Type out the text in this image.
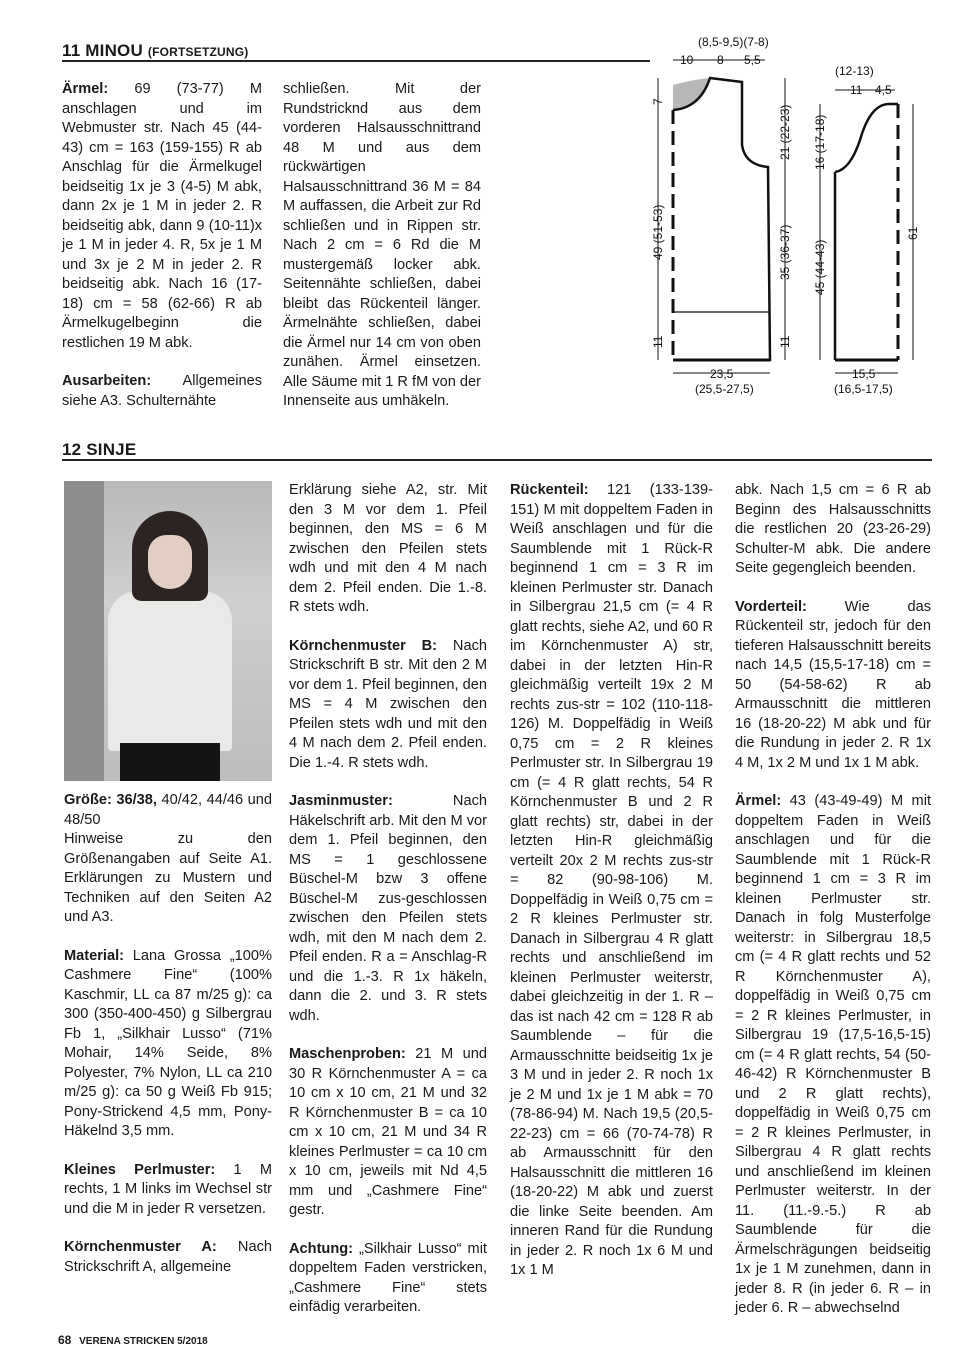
11 MINOU (FORTSETZUNG)

Ärmel: 69 (73-77) M anschlagen und im Webmuster str. Nach 45 (44-43) cm = 163 (159-155) R ab Anschlag für die Ärmelkugel beidseitig 1x je 3 (4-5) M abk, dann 2x je 1 M in jeder 2. R beidseitig abk, dann 9 (10-11)x je 1 M in jeder 4. R, 5x je 1 M und 3x je 2 M in jeder 2. R beidseitig abk. Nach 16 (17-18) cm = 58 (62-66) R ab Ärmelkugelbeginn die restlichen 19 M abk.

Ausarbeiten: Allgemeines siehe A3. Schulternähte

schließen. Mit der Rundstricknd aus dem vorderen Halsausschnittrand 48 M und aus dem rückwärtigen Halsausschnittrand 36 M = 84 M auffassen, die Arbeit zur Rd schließen und in Rippen str. Nach 2 cm = 6 Rd die M mustergemäß locker abk. Seitennähte schließen, dabei bleibt das Rückenteil länger. Ärmelnähte schließen, dabei die Ärmel nur 14 cm von oben zunähen. Ärmel einsetzen. Alle Säume mit 1 R fM von der Innenseite aus umhäkeln.

(8,5-9,5)(7-8)
10 8 5,5
7
49 (51-53)
11
21 (22-23)
35 (36-37)
11
23,5
(25,5-27,5)
(12-13)
11 4,5
16 (17-18)
45 (44-43)
61
15,5
(16,5-17,5)
12 SINJE

Größe: 36/38, 40/42, 44/46 und 48/50

Hinweise zu den Größenangaben auf Seite A1. Erklärungen zu Mustern und Techniken auf den Seiten A2 und A3.

Material: Lana Grossa „100% Cashmere Fine“ (100% Kaschmir, LL ca 87 m/25 g): ca 300 (350-400-450) g Silbergrau Fb 1, „Silkhair Lusso“ (71% Mohair, 14% Seide, 8% Polyester, 7% Nylon, LL ca 210 m/25 g): ca 50 g Weiß Fb 915; Pony-Strickend 4,5 mm, Pony-Häkelnd 3,5 mm.

Kleines Perlmuster: 1 M rechts, 1 M links im Wechsel str und die M in jeder R versetzen.

Körnchenmuster A: Nach Strickschrift A, allgemeine

Erklärung siehe A2, str. Mit den 3 M vor dem 1. Pfeil beginnen, den MS = 6 M zwischen den Pfeilen stets wdh und mit den 4 M nach dem 2. Pfeil enden. Die 1.-8. R stets wdh.

Körnchenmuster B: Nach Strickschrift B str. Mit den 2 M vor dem 1. Pfeil beginnen, den MS = 4 M zwischen den Pfeilen stets wdh und mit den 4 M nach dem 2. Pfeil enden. Die 1.-4. R stets wdh.

Jasminmuster: Nach Häkelschrift arb. Mit den M vor dem 1. Pfeil beginnen, den MS = 1 geschlossene Büschel-M bzw 3 offene Büschel-M zus-geschlossen zwischen den Pfeilen stets wdh, mit den M nach dem 2. Pfeil enden. R a = Anschlag-R und die 1.-3. R 1x häkeln, dann die 2. und 3. R stets wdh.

Maschenproben: 21 M und 30 R Körnchenmuster A = ca 10 cm x 10 cm, 21 M und 32 R Körnchenmuster B = ca 10 cm x 10 cm, 21 M und 34 R kleines Perlmuster = ca 10 cm x 10 cm, jeweils mit Nd 4,5 mm und „Cashmere Fine“ gestr.

Achtung: „Silkhair Lusso“ mit doppeltem Faden verstricken, „Cashmere Fine“ stets einfädig verarbeiten.

Rückenteil: 121 (133-139-151) M mit doppeltem Faden in Weiß anschlagen und für die Saumblende mit 1 Rück-R beginnend 1 cm = 3 R im kleinen Perlmuster str. Danach in Silbergrau 21,5 cm (= 4 R glatt rechts, siehe A2, und 60 R im Körnchenmuster A) str, dabei in der letzten Hin-R gleichmäßig verteilt 19x 2 M rechts zus-str = 102 (110-118-126) M. Doppelfädig in Weiß 0,75 cm = 2 R kleines Perlmuster str. In Silbergrau 19 cm (= 4 R glatt rechts, 54 R Körnchenmuster B und 2 R glatt rechts) str, dabei in der letzten Hin-R gleichmäßig verteilt 20x 2 M rechts zus-str = 82 (90-98-106) M. Doppelfädig in Weiß 0,75 cm = 2 R kleines Perlmuster str. Danach in Silbergrau 4 R glatt rechts und anschließend im kleinen Perlmuster weiterstr, dabei gleichzeitig in der 1. R – das ist nach 42 cm = 128 R ab Saumblende – für die Armausschnitte beidseitig 1x je 3 M und in jeder 2. R noch 1x je 2 M und 1x je 1 M abk = 70 (78-86-94) M. Nach 19,5 (20,5-22-23) cm = 66 (70-74-78) R ab Armausschnitt für den Halsausschnitt die mittleren 16 (18-20-22) M abk und zuerst die linke Seite beenden. Am inneren Rand für die Rundung in jeder 2. R noch 1x 6 M und 1x 1 M

abk. Nach 1,5 cm = 6 R ab Beginn des Halsausschnitts die restlichen 20 (23-26-29) Schulter-M abk. Die andere Seite gegengleich beenden.

Vorderteil: Wie das Rückenteil str, jedoch für den tieferen Halsausschnitt bereits nach 14,5 (15,5-17-18) cm = 50 (54-58-62) R ab Armausschnitt die mittleren 16 (18-20-22) M abk und für die Rundung in jeder 2. R 1x 4 M, 1x 2 M und 1x 1 M abk.

Ärmel: 43 (43-49-49) M mit doppeltem Faden in Weiß anschlagen und für die Saumblende mit 1 Rück-R beginnend 1 cm = 3 R im kleinen Perlmuster str. Danach in folg Musterfolge weiterstr: in Silbergrau 18,5 cm (= 4 R glatt rechts und 52 R Körnchenmuster A), doppelfädig in Weiß 0,75 cm = 2 R kleines Perlmuster, in Silbergrau 19 (17,5-16,5-15) cm (= 4 R glatt rechts, 54 (50-46-42) R Körnchenmuster B und 2 R glatt rechts), doppelfädig in Weiß 0,75 cm = 2 R kleines Perlmuster, in Silbergrau 4 R glatt rechts und anschließend im kleinen Perlmuster weiterstr. In der 11. (11.-9.-5.) R ab Saumblende für die Ärmelschrägungen beidseitig 1x je 1 M zunehmen, dann in jeder 8. R (in jeder 6. R – in jeder 6. R – abwechselnd

68 VERENA STRICKEN 5/2018
